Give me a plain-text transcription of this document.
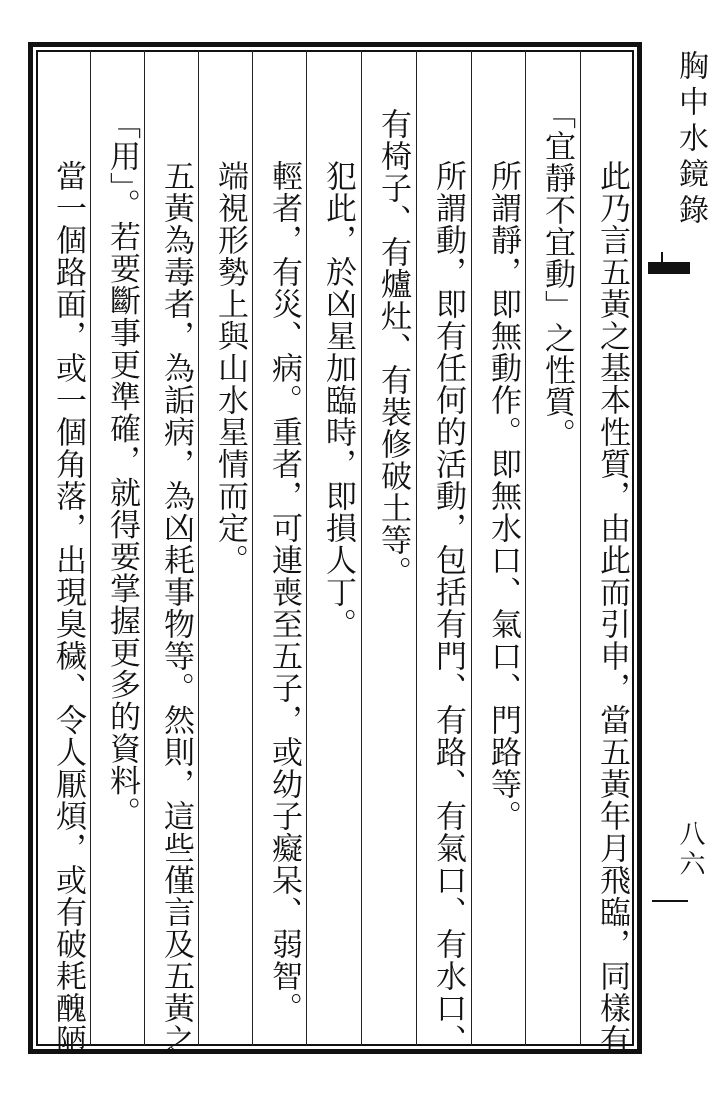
此乃言五黃之基本性質，由此而引申，當五黃年月飛臨，同樣有
「宜靜不宜動」之性質。
所謂靜，即無動作。即無水口、氣口、門路等。
所謂動，即有任何的活動，包括有門、有路、有氣口、有水口、
有椅子、有爐灶、有裝修破土等。
犯此，於凶星加臨時，即損人丁。
輕者，有災、病。重者，可連喪至五子，或幼子癡呆、弱智。
端視形勢上與山水星情而定。
五黃為毒者，為詬病，為凶耗事物等。然則，這些僅言及五黃之
「用」。若要斷事更準確，就得要掌握更多的資料。
當一個路面，或一個角落，出現臭穢、令人厭煩，或有破耗醜陋
胸中水鏡錄
八六
